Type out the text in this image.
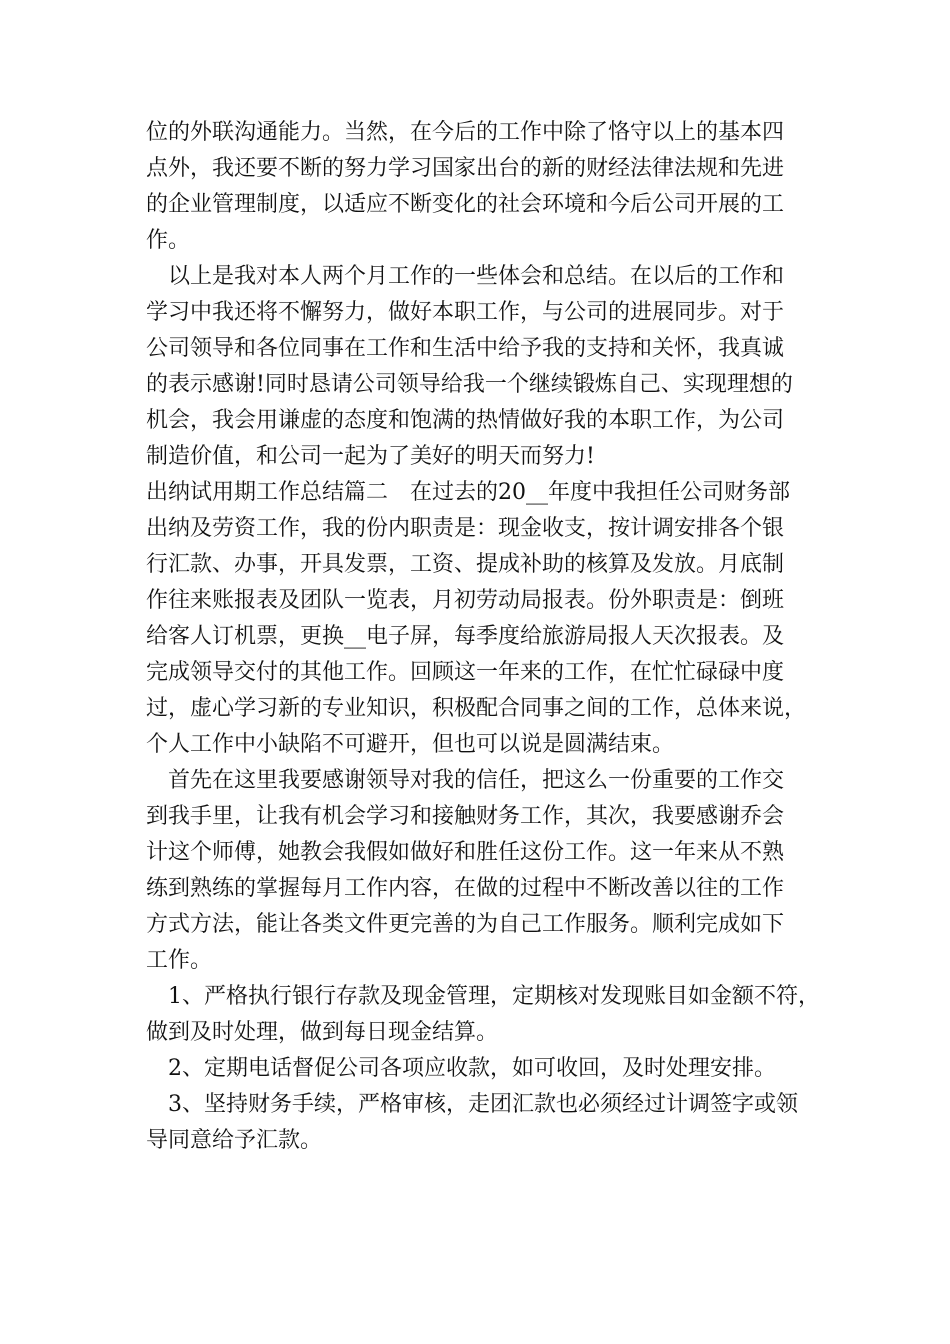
位的外联沟通能力。当然，在今后的工作中除了恪守以上的基本四
点外，我还要不断的努力学习国家出台的新的财经法律法规和先进
的企业管理制度，以适应不断变化的社会环境和今后公司开展的工
作。
　以上是我对本人两个月工作的一些体会和总结。在以后的工作和
学习中我还将不懈努力，做好本职工作，与公司的进展同步。对于
公司领导和各位同事在工作和生活中给予我的支持和关怀，我真诚
的表示感谢!同时恳请公司领导给我一个继续锻炼自己、实现理想的
机会，我会用谦虚的态度和饱满的热情做好我的本职工作，为公司
制造价值，和公司一起为了美好的明天而努力!
出纳试用期工作总结篇二　在过去的20__年度中我担任公司财务部
出纳及劳资工作，我的份内职责是：现金收支，按计调安排各个银
行汇款、办事，开具发票，工资、提成补助的核算及发放。月底制
作往来账报表及团队一览表，月初劳动局报表。份外职责是：倒班
给客人订机票，更换__电子屏，每季度给旅游局报人天次报表。及
完成领导交付的其他工作。回顾这一年来的工作，在忙忙碌碌中度
过，虚心学习新的专业知识，积极配合同事之间的工作，总体来说，
个人工作中小缺陷不可避开，但也可以说是圆满结束。
　首先在这里我要感谢领导对我的信任，把这么一份重要的工作交
到我手里，让我有机会学习和接触财务工作，其次，我要感谢乔会
计这个师傅，她教会我假如做好和胜任这份工作。这一年来从不熟
练到熟练的掌握每月工作内容，在做的过程中不断改善以往的工作
方式方法，能让各类文件更完善的为自己工作服务。顺利完成如下
工作。
　1、严格执行银行存款及现金管理，定期核对发现账目如金额不符，
做到及时处理，做到每日现金结算。
　2、定期电话督促公司各项应收款，如可收回，及时处理安排。
　3、坚持财务手续，严格审核，走团汇款也必须经过计调签字或领
导同意给予汇款。
